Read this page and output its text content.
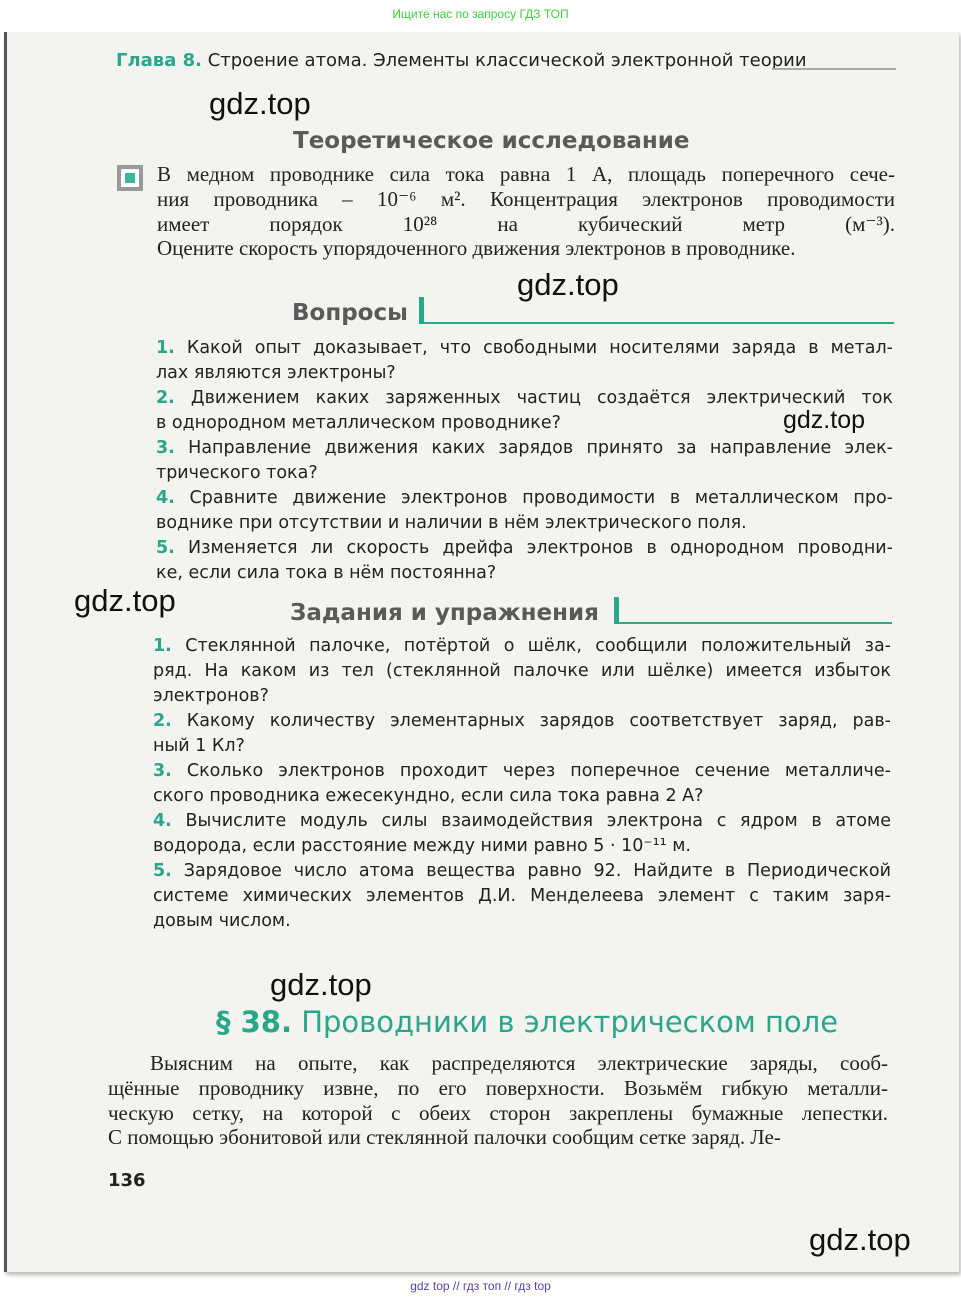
Ищите нас по запросу ГДЗ ТОП
Глава 8. Строение атома. Элементы классической электронной теории
gdz.top
Теоретическое исследование
В медном проводнике сила тока равна 1 А, площадь поперечного сече-
ния проводника – 10⁻⁶ м². Концентрация электронов проводимости
имеет порядок 10²⁸ на кубический метр (м⁻³).
Оцените скорость упорядоченного движения электронов в проводнике.
gdz.top
Вопросы
1. Какой опыт доказывает, что свободными носителями заряда в метал-
лах являются электроны?
2. Движением каких заряженных частиц создаётся электрический ток
в однородном металлическом проводнике?
3. Направление движения каких зарядов принято за направление элек-
трического тока?
4. Сравните движение электронов проводимости в металлическом про-
воднике при отсутствии и наличии в нём электрического поля.
5. Изменяется ли скорость дрейфа электронов в однородном проводни-
ке, если сила тока в нём постоянна?
gdz.top
gdz.top	Задания и упражнения
1. Стеклянной палочке, потёртой о шёлк, сообщили положительный за-
ряд. На каком из тел (стеклянной палочке или шёлке) имеется избыток
электронов?
2. Какому количеству элементарных зарядов соответствует заряд, рав-
ный 1 Кл?
3. Сколько электронов проходит через поперечное сечение металличе-
ского проводника ежесекундно, если сила тока равна 2 А?
4. Вычислите модуль силы взаимодействия электрона с ядром в атоме
водорода, если расстояние между ними равно 5 · 10⁻¹¹ м.
5. Зарядовое число атома вещества равно 92. Найдите в Периодической
системе химических элементов Д.И. Менделеева элемент с таким заря-
довым числом.
gdz.top
§ 38. Проводники в электрическом поле
Выясним на опыте, как распределяются электрические заряды, сооб-
щённые проводнику извне, по его поверхности. Возьмём гибкую металли-
ческую сетку, на которой с обеих сторон закреплены бумажные лепестки.
С помощью эбонитовой или стеклянной палочки сообщим сетке заряд. Ле-
136
gdz.top
gdz top // гдз топ // гдз top
